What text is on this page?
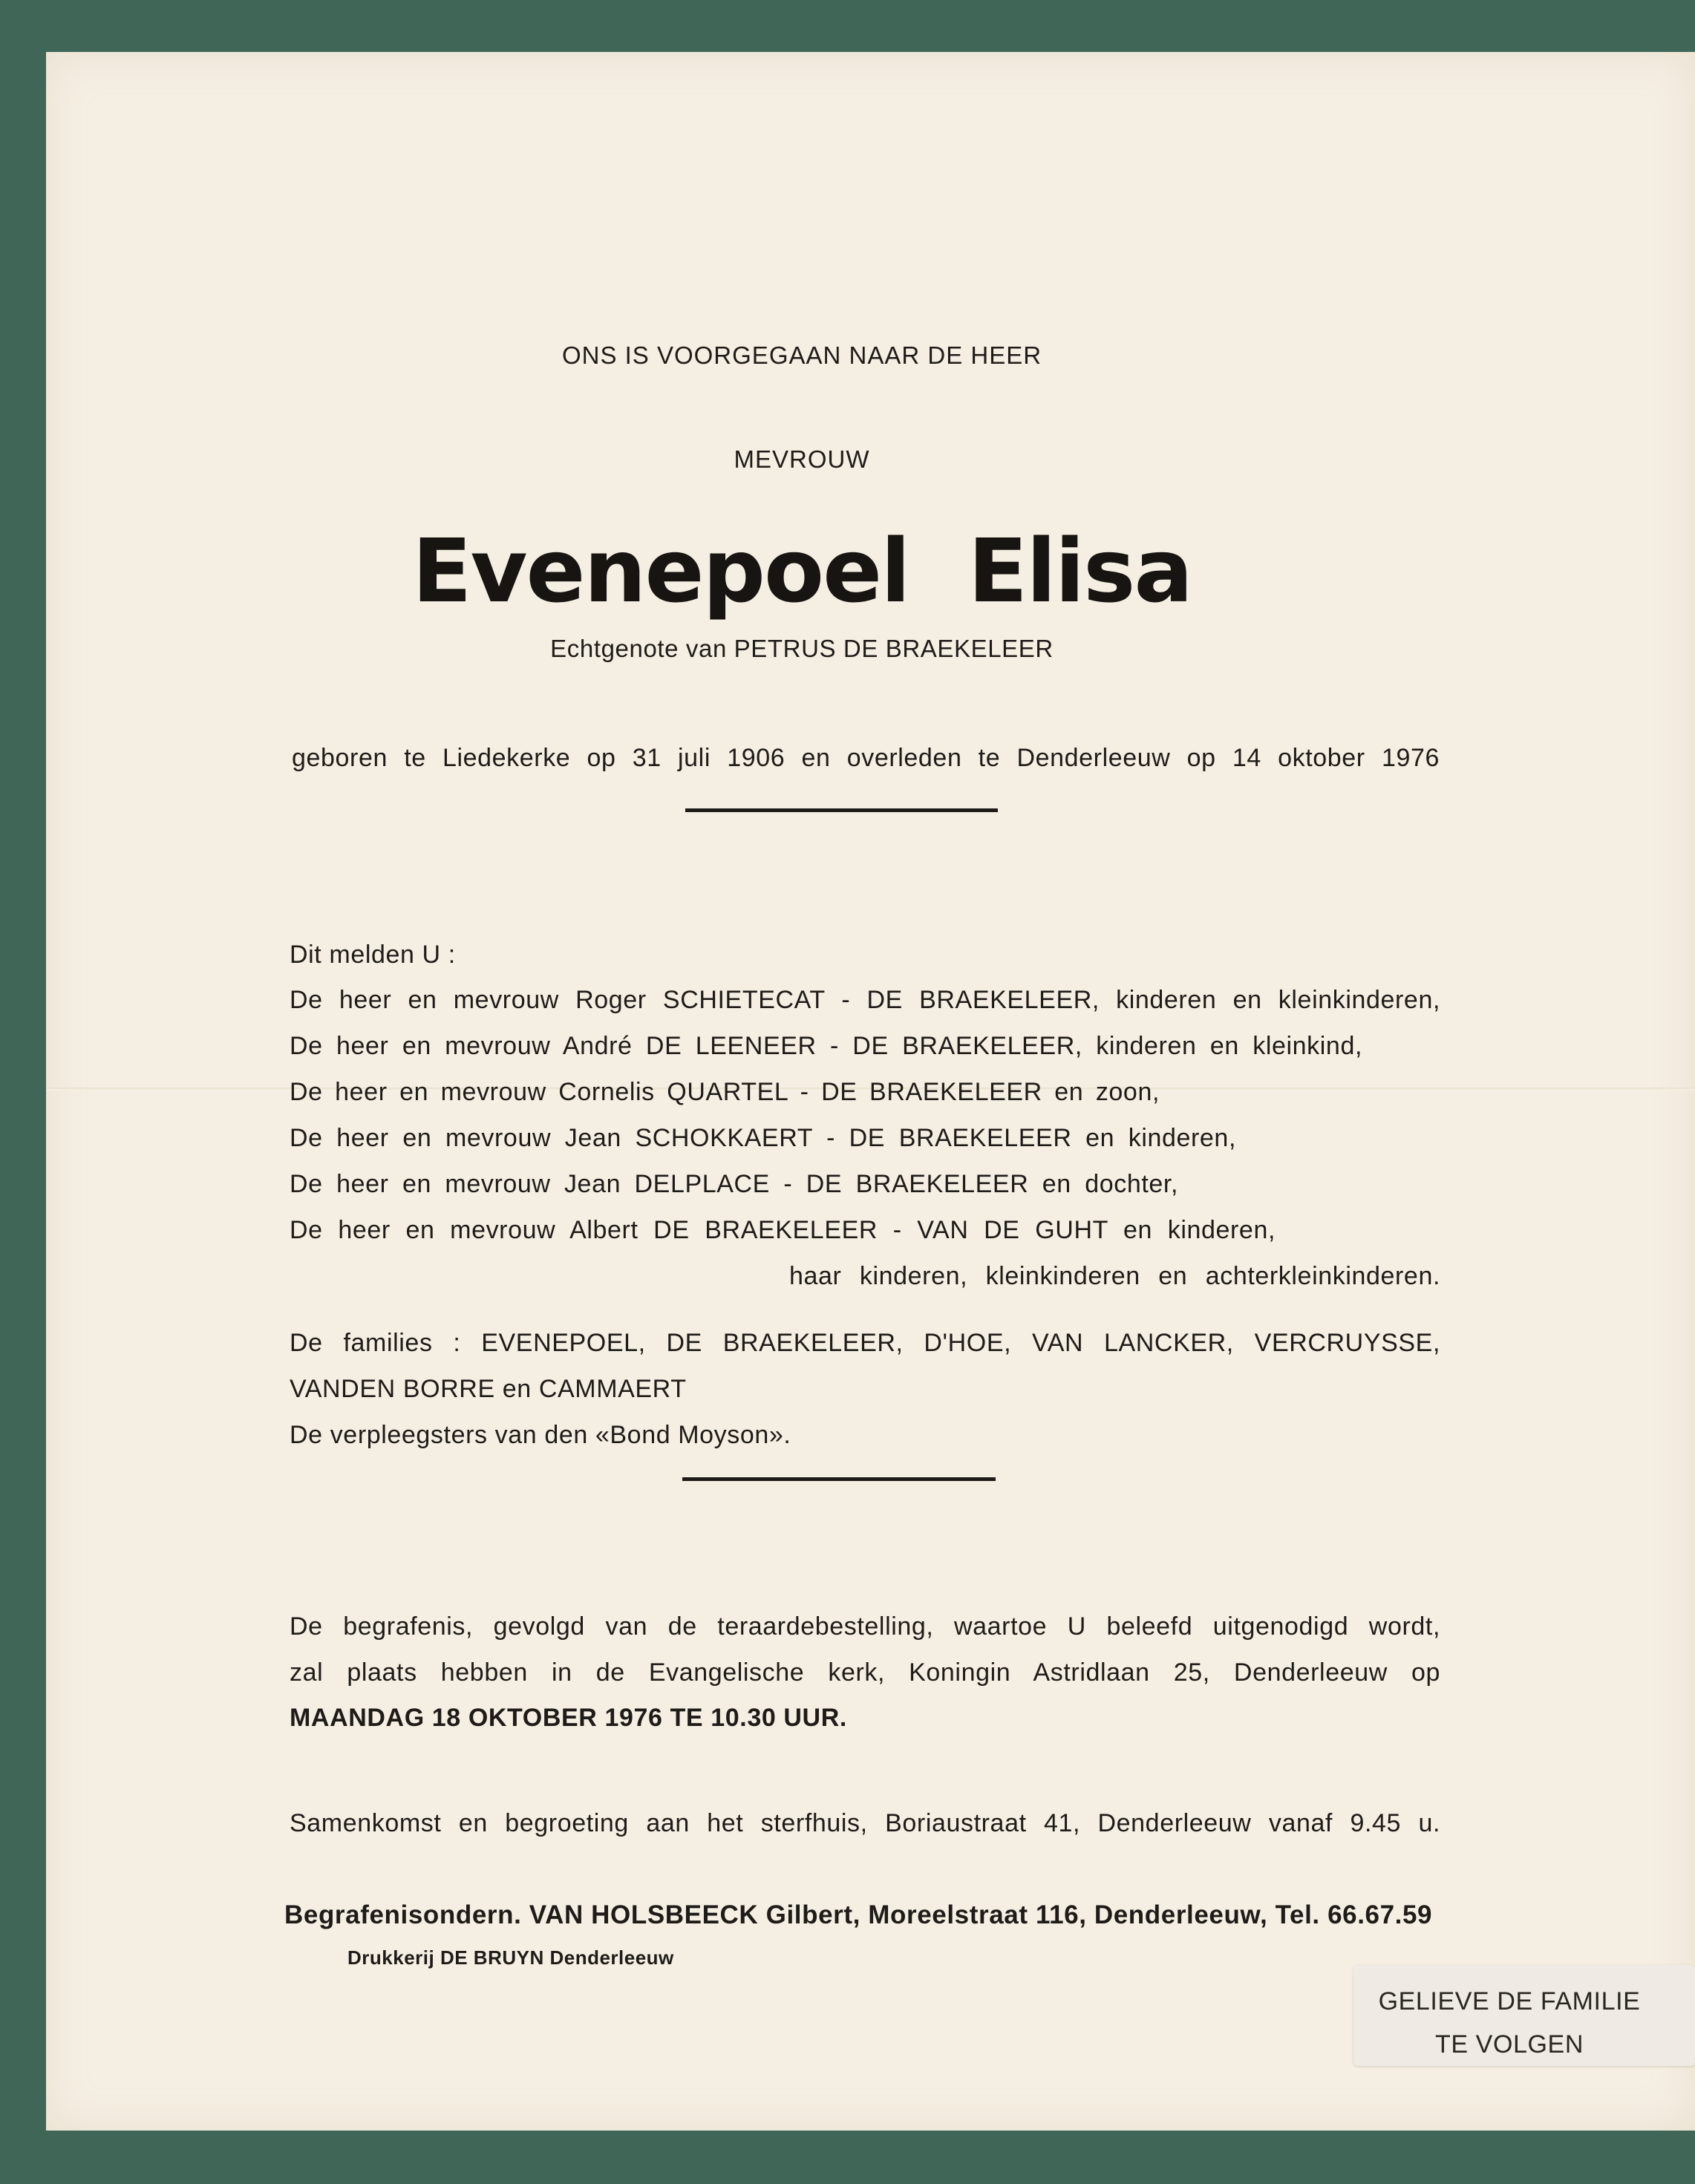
ONS IS VOORGEGAAN NAAR DE HEER
MEVROUW
Evenepoel Elisa
Echtgenote van PETRUS DE BRAEKELEER
geboren te Liedekerke op 31 juli 1906 en overleden te Denderleeuw op 14 oktober 1976
Dit melden U :
De heer en mevrouw Roger SCHIETECAT - DE BRAEKELEER, kinderen en kleinkinderen,
De heer en mevrouw André DE LEENEER - DE BRAEKELEER, kinderen en kleinkind,
De heer en mevrouw Cornelis QUARTEL - DE BRAEKELEER en zoon,
De heer en mevrouw Jean SCHOKKAERT - DE BRAEKELEER en kinderen,
De heer en mevrouw Jean DELPLACE - DE BRAEKELEER en dochter,
De heer en mevrouw Albert DE BRAEKELEER - VAN DE GUHT en kinderen,
haar kinderen, kleinkinderen en achterkleinkinderen.
De families : EVENEPOEL, DE BRAEKELEER, D'HOE, VAN LANCKER, VERCRUYSSE,
VANDEN BORRE en CAMMAERT
De verpleegsters van den «Bond Moyson».
De begrafenis, gevolgd van de teraardebestelling, waartoe U beleefd uitgenodigd wordt,
zal plaats hebben in de Evangelische kerk, Koningin Astridlaan 25, Denderleeuw op
MAANDAG 18 OKTOBER 1976 TE 10.30 UUR.
Samenkomst en begroeting aan het sterfhuis, Boriaustraat 41, Denderleeuw vanaf 9.45 u.
Begrafenisondern. VAN HOLSBEECK Gilbert, Moreelstraat 116, Denderleeuw, Tel. 66.67.59
Drukkerij DE BRUYN Denderleeuw
GELIEVE DE FAMILIE
TE VOLGEN
